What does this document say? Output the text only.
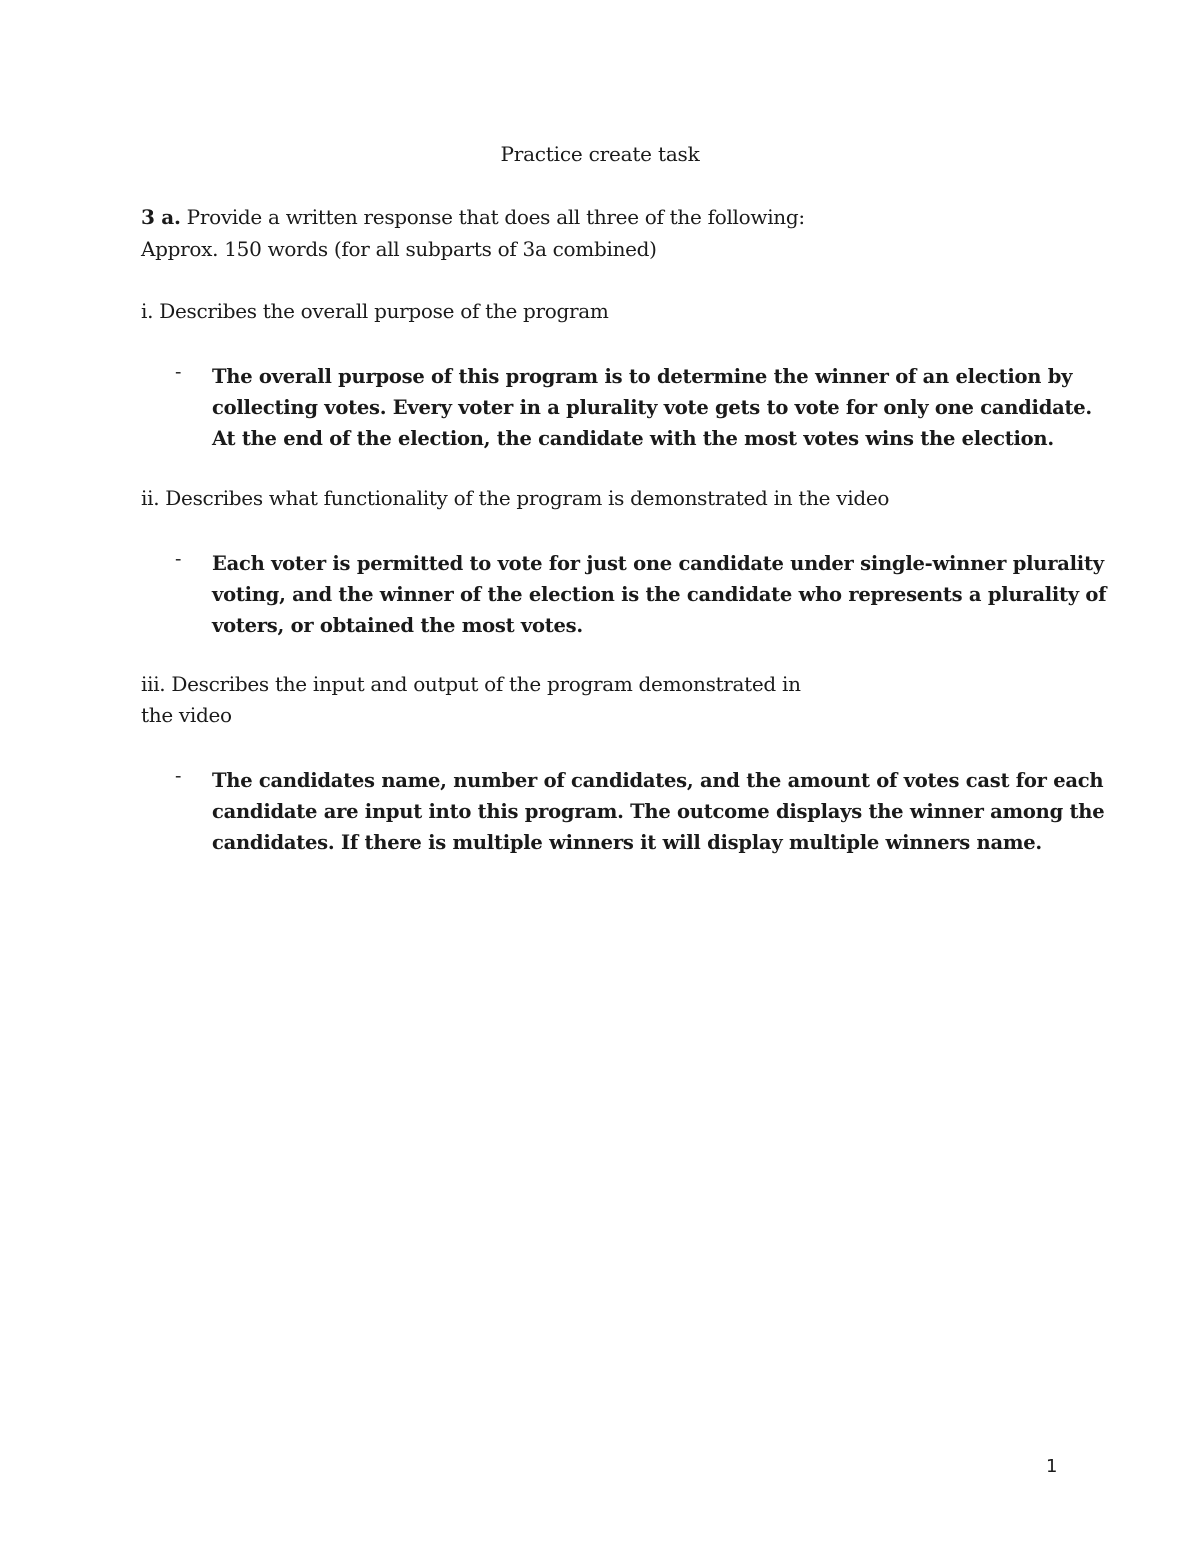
Practice create task
3 a. Provide a written response that does all three of the following:
Approx. 150 words (for all subparts of 3a combined)
i. Describes the overall purpose of the program
- The overall purpose of this program is to determine the winner of an election by
collecting votes. Every voter in a plurality vote gets to vote for only one candidate.
At the end of the election, the candidate with the most votes wins the election.
ii. Describes what functionality of the program is demonstrated in the video
- Each voter is permitted to vote for just one candidate under single-winner plurality
voting, and the winner of the election is the candidate who represents a plurality of
voters, or obtained the most votes.
iii. Describes the input and output of the program demonstrated in
the video
- The candidates name, number of candidates, and the amount of votes cast for each
candidate are input into this program. The outcome displays the winner among the
candidates. If there is multiple winners it will display multiple winners name.
1
